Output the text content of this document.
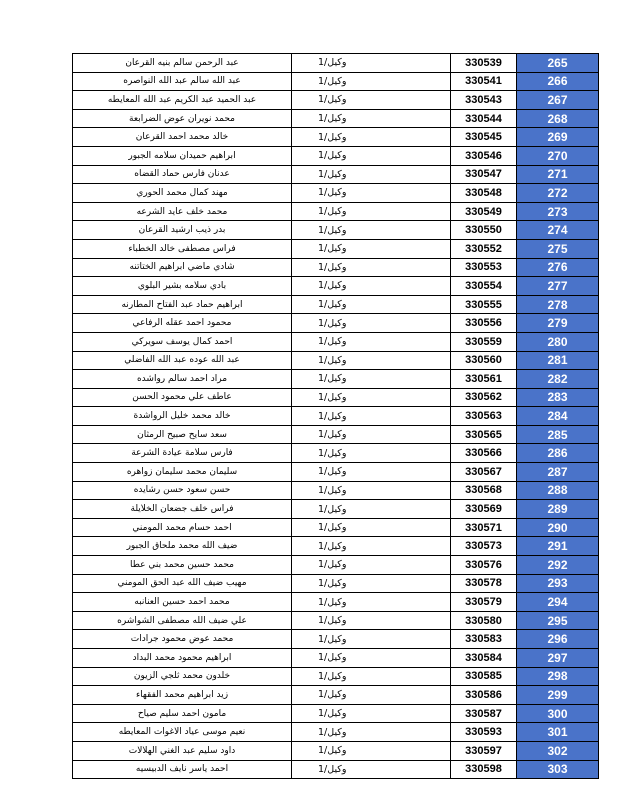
عبد الرحمن سالم بنيه القرعان	وكيل/1	330539	265
عبد الله سالم عبد الله النواصره	وكيل/1	330541	266
عبد الحميد عبد الكريم عبد الله المعايطه	وكيل/1	330543	267
محمد نويران عوض الضرابعة	وكيل/1	330544	268
خالد محمد احمد القرعان	وكيل/1	330545	269
ابراهيم حميدان سلامه الجبور	وكيل/1	330546	270
عدنان فارس حماد القضاه	وكيل/1	330547	271
مهند كمال محمد الحوري	وكيل/1	330548	272
محمد خلف عايد الشرعه	وكيل/1	330549	273
بدر ذيب ارشيد القرعان	وكيل/1	330550	274
فراس مصطفى خالد الخطباء	وكيل/1	330552	275
شادي ماضي ابراهيم الختاتنه	وكيل/1	330553	276
بادي سلامه بشير البلوي	وكيل/1	330554	277
ابراهيم حماد عبد الفتاح المطارنه	وكيل/1	330555	278
محمود احمد عقله الرفاعي	وكيل/1	330556	279
احمد كمال يوسف سويركي	وكيل/1	330559	280
عبد الله عوده عبد الله الفاضلي	وكيل/1	330560	281
مراد احمد سالم رواشده	وكيل/1	330561	282
عاطف علي محمود الحسن	وكيل/1	330562	283
خالد محمد خليل الرواشدة	وكيل/1	330563	284
سعد سايح صبيح الرمثان	وكيل/1	330565	285
فارس سلامة عيادة الشرعة	وكيل/1	330566	286
سليمان محمد سليمان زواهره	وكيل/1	330567	287
حسن سعود حسن رشايده	وكيل/1	330568	288
فراس خلف جضعان الخلايلة	وكيل/1	330569	289
احمد حسام محمد المومني	وكيل/1	330571	290
ضيف الله محمد ملحاق الجبور	وكيل/1	330573	291
محمد حسين محمد بني عطا	وكيل/1	330576	292
مهيب ضيف الله عبد الحق المومني	وكيل/1	330578	293
محمد احمد حسين العنانبه	وكيل/1	330579	294
علي ضيف الله مصطفى الشواشره	وكيل/1	330580	295
محمد عوض محمود جرادات	وكيل/1	330583	296
ابراهيم محمود محمد البداد	وكيل/1	330584	297
خلدون محمد ثلجي الزيون	وكيل/1	330585	298
زيد ابراهيم محمد الفقهاء	وكيل/1	330586	299
مامون احمد سليم صياح	وكيل/1	330587	300
نعيم موسى عياد الاغوات المعايطه	وكيل/1	330593	301
داود سليم عبد الغني الهلالات	وكيل/1	330597	302
احمد ياسر نايف الدبيسيه	وكيل/1	330598	303
